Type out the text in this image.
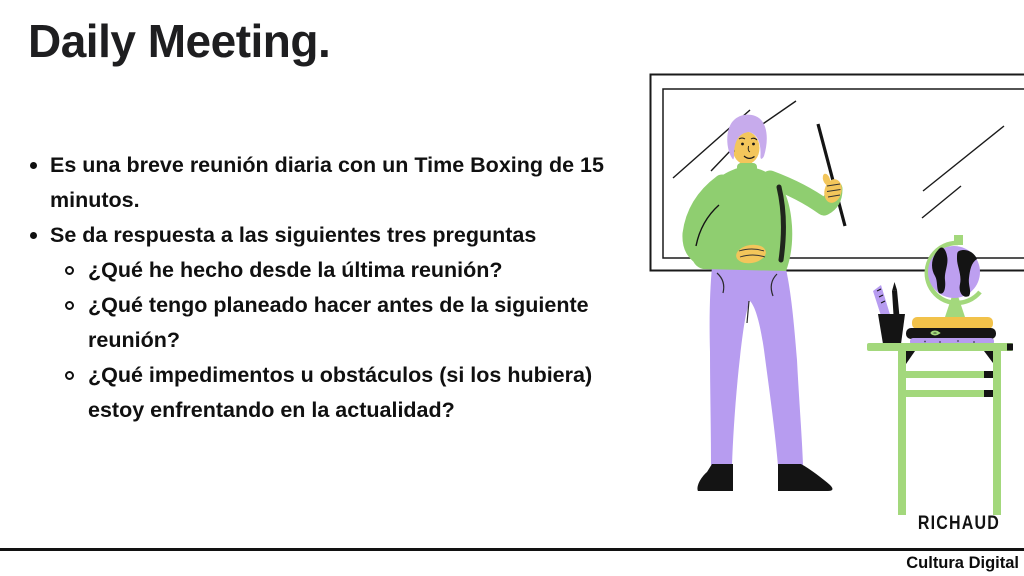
Daily Meeting.
Es una breve reunión diaria con un Time Boxing de 15 minutos.
Se da respuesta a las siguientes tres preguntas
¿Qué he hecho desde la última reunión?
¿Qué tengo planeado hacer antes de la siguiente reunión?
¿Qué impedimentos u obstáculos (si los hubiera) estoy enfrentando en la actualidad?
RICHAUD
Cultura Digital
